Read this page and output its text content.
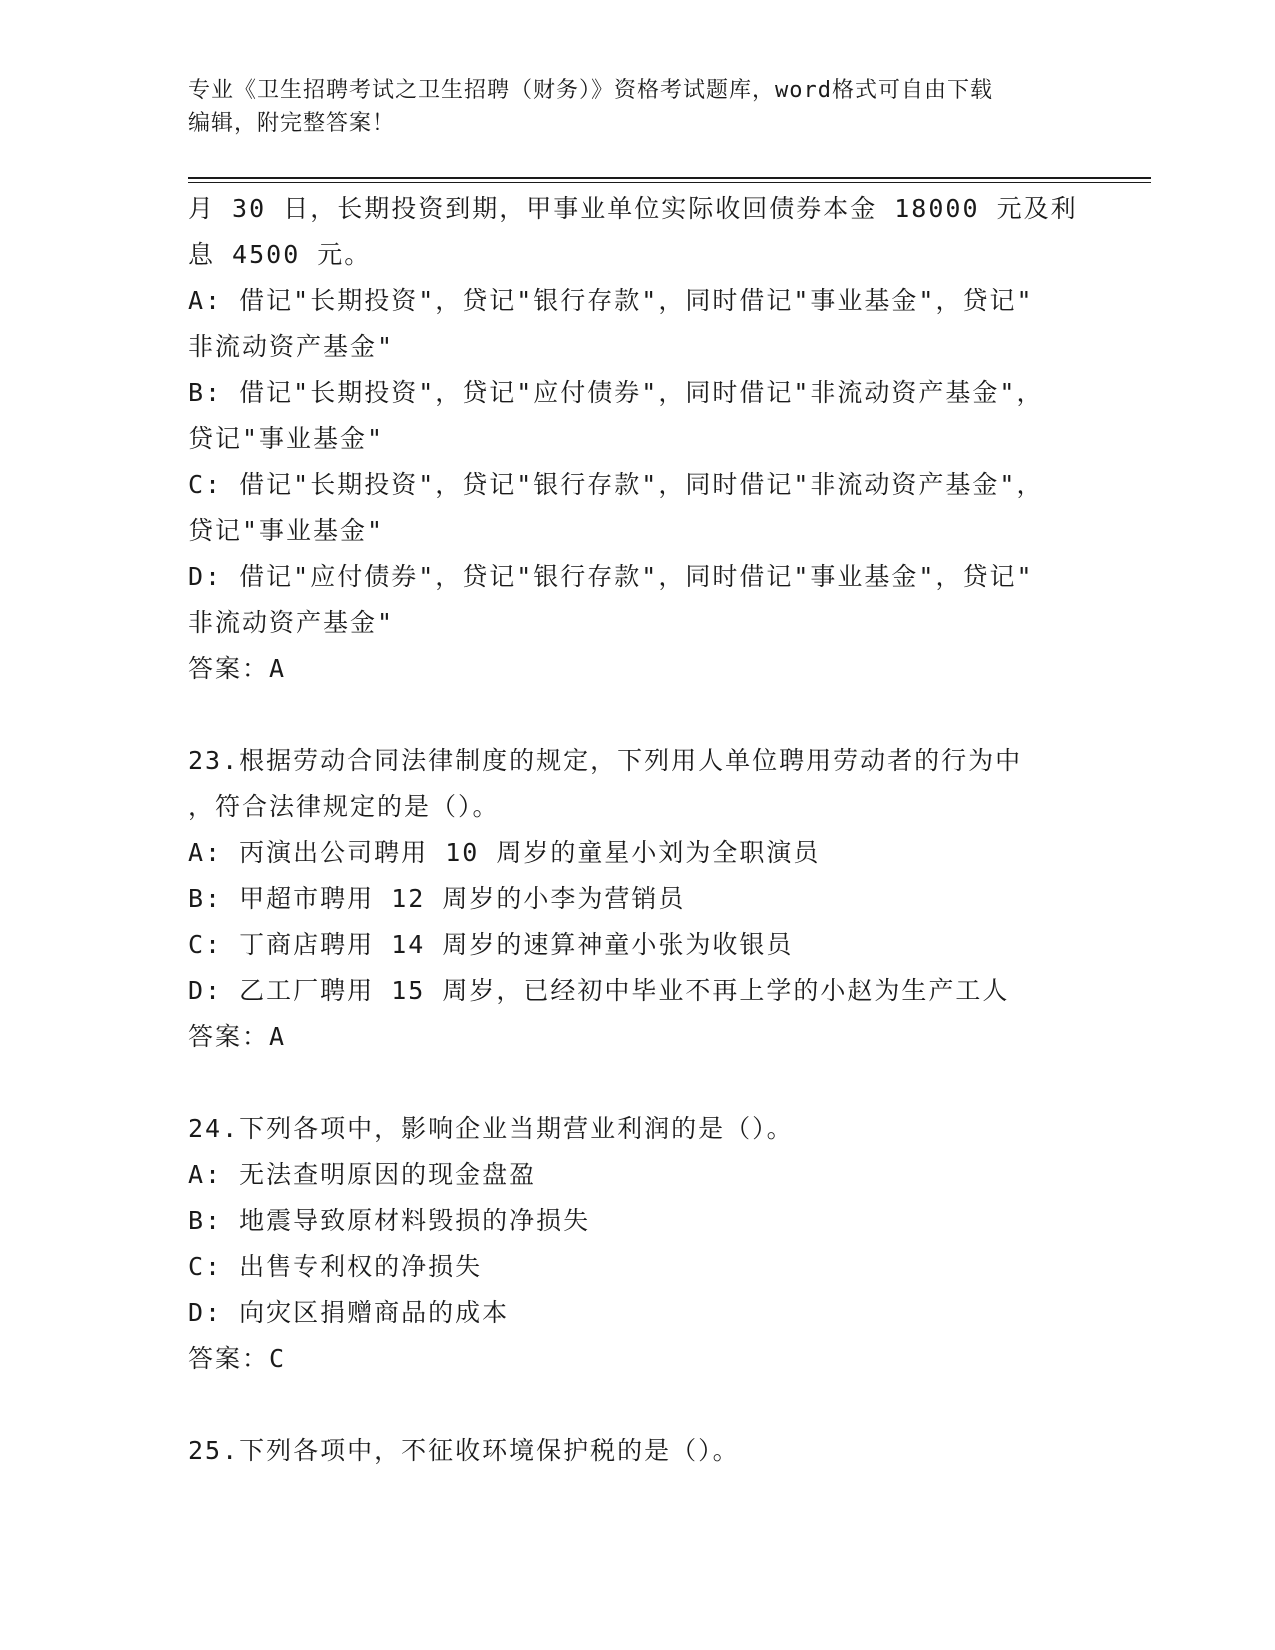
专业《卫生招聘考试之卫生招聘（财务）》资格考试题库，word格式可自由下载
编辑，附完整答案！
月 30 日，长期投资到期，甲事业单位实际收回债券本金 18000 元及利
息 4500 元。
A: 借记"长期投资"，贷记"银行存款"，同时借记"事业基金"，贷记"
非流动资产基金"
B: 借记"长期投资"，贷记"应付债券"，同时借记"非流动资产基金"，
贷记"事业基金"
C: 借记"长期投资"，贷记"银行存款"，同时借记"非流动资产基金"，
贷记"事业基金"
D: 借记"应付债券"，贷记"银行存款"，同时借记"事业基金"，贷记"
非流动资产基金"
答案：A
23.根据劳动合同法律制度的规定，下列用人单位聘用劳动者的行为中
，符合法律规定的是（）。
A: 丙演出公司聘用 10 周岁的童星小刘为全职演员
B: 甲超市聘用 12 周岁的小李为营销员
C: 丁商店聘用 14 周岁的速算神童小张为收银员
D: 乙工厂聘用 15 周岁，已经初中毕业不再上学的小赵为生产工人
答案：A
24.下列各项中，影响企业当期营业利润的是（）。
A: 无法查明原因的现金盘盈
B: 地震导致原材料毁损的净损失
C: 出售专利权的净损失
D: 向灾区捐赠商品的成本
答案：C
25.下列各项中，不征收环境保护税的是（）。
